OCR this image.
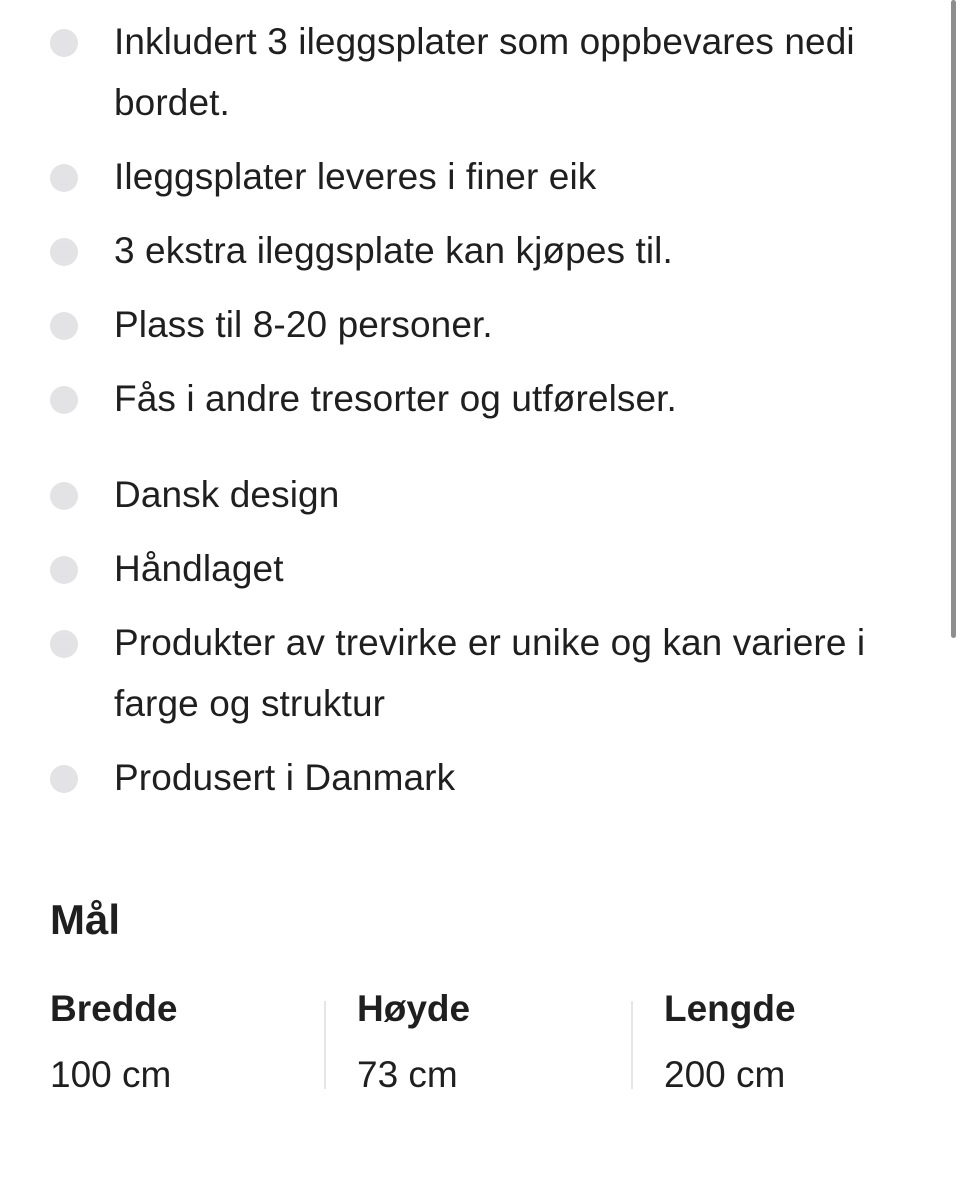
Inkludert 3 ileggsplater som oppbevares nedi bordet.
Ileggsplater leveres i finer eik
3 ekstra ileggsplate kan kjøpes til.
Plass til 8-20 personer.
Fås i andre tresorter og utførelser.
Dansk design
Håndlaget
Produkter av trevirke er unike og kan variere i farge og struktur
Produsert i Danmark
Mål
Bredde
100 cm
Høyde
73 cm
Lengde
200 cm
